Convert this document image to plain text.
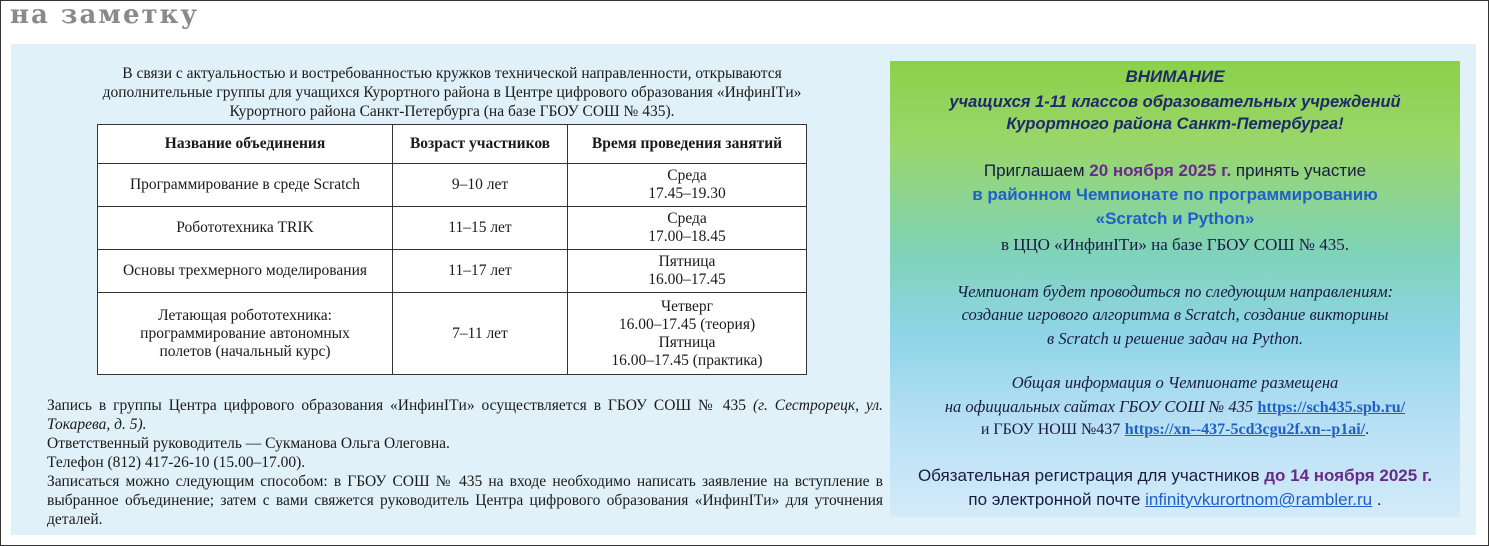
на заметку
В связи с актуальностью и востребованностью кружков технической направленности, открываются дополнительные группы для учащихся Курортного района в Центре цифрового образования «ИнфинITи» Курортного района Санкт-Петербурга (на базе ГБОУ СОШ № 435).
Название объединения	Возраст участников	Время проведения занятий
Программирование в среде Scratch	9–10 лет	Среда
17.45–19.30

Робототехника TRIK	11–15 лет	Среда
17.00–18.45

Основы трехмерного моделирования	11–17 лет	Пятница
16.00–17.45

Летающая робототехника: программирование автономных полетов (начальный курс)	7–11 лет	Четверг
16.00–17.45 (теория)
Пятница
16.00–17.45 (практика)

Запись в группы Центра цифрового образования «ИнфинITи» осуществляется в ГБОУ СОШ № 435 (г. Сестрорецк, ул. Токарева, д. 5).

Ответственный руководитель — Сукманова Ольга Олеговна.

Телефон (812) 417-26-10 (15.00–17.00).

Записаться можно следующим способом: в ГБОУ СОШ № 435 на входе необходимо написать заявление на вступление в выбранное объединение; затем с вами свяжется руководитель Центра цифрового образования «ИнфинITи» для уточнения деталей.

ВНИМАНИЕ
учащихся 1-11 классов образовательных учреждений
Курортного района Санкт-Петербурга!
Приглашаем 20 ноября 2025 г. принять участие
в районном Чемпионате по программированию
«Scratch и Python»
в ЦЦО «ИнфинITи» на базе ГБОУ СОШ № 435.
Чемпионат будет проводиться по следующим направлениям:
создание игрового алгоритма в Scratch, создание викторины
в Scratch и решение задач на Python.
Общая информация о Чемпионате размещена
на официальных сайтах ГБОУ СОШ № 435 https://sch435.spb.ru/
и ГБОУ НОШ №437 https://xn--437-5cd3cgu2f.xn--p1ai/.
Обязательная регистрация для участников до 14 ноября 2025 г.
по электронной почте infinityvkurortnom@rambler.ru .
